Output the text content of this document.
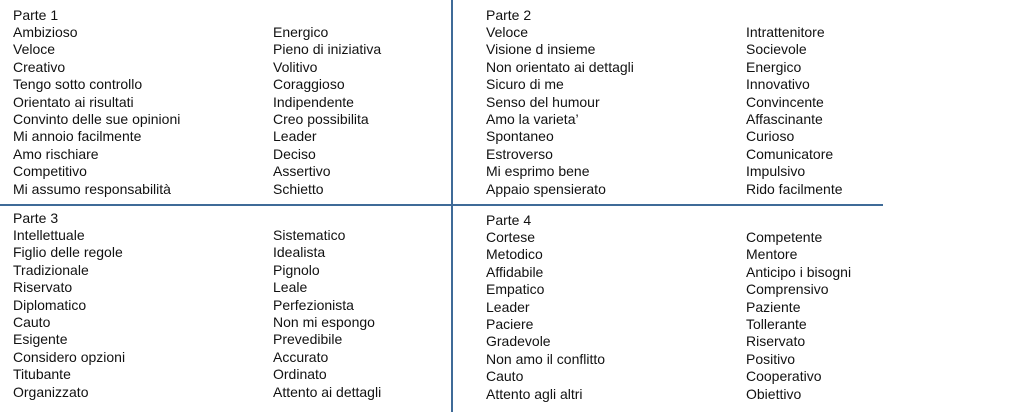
Parte 1
Ambizioso
Veloce
Creativo
Tengo sotto controllo
Orientato ai risultati
Convinto delle sue opinioni
Mi annoio facilmente
Amo rischiare
Competitivo
Mi assumo responsabilità
Energico
Pieno di iniziativa
Volitivo
Coraggioso
Indipendente
Creo possibilita
Leader
Deciso
Assertivo
Schietto
Parte 2
Veloce
Visione d insieme
Non orientato ai dettagli
Sicuro di me
Senso del humour
Amo la varieta’
Spontaneo
Estroverso
Mi esprimo bene
Appaio spensierato
Intrattenitore
Socievole
Energico
Innovativo
Convincente
Affascinante
Curioso
Comunicatore
Impulsivo
Rido facilmente
Parte 3
Intellettuale
Figlio delle regole
Tradizionale
Riservato
Diplomatico
Cauto
Esigente
Considero opzioni
Titubante
Organizzato
Sistematico
Idealista
Pignolo
Leale
Perfezionista
Non mi espongo
Prevedibile
Accurato
Ordinato
Attento ai dettagli
Parte 4
Cortese
Metodico
Affidabile
Empatico
Leader
Paciere
Gradevole
Non amo il conflitto
Cauto
Attento agli altri
Competente
Mentore
Anticipo i bisogni
Comprensivo
Paziente
Tollerante
Riservato
Positivo
Cooperativo
Obiettivo
